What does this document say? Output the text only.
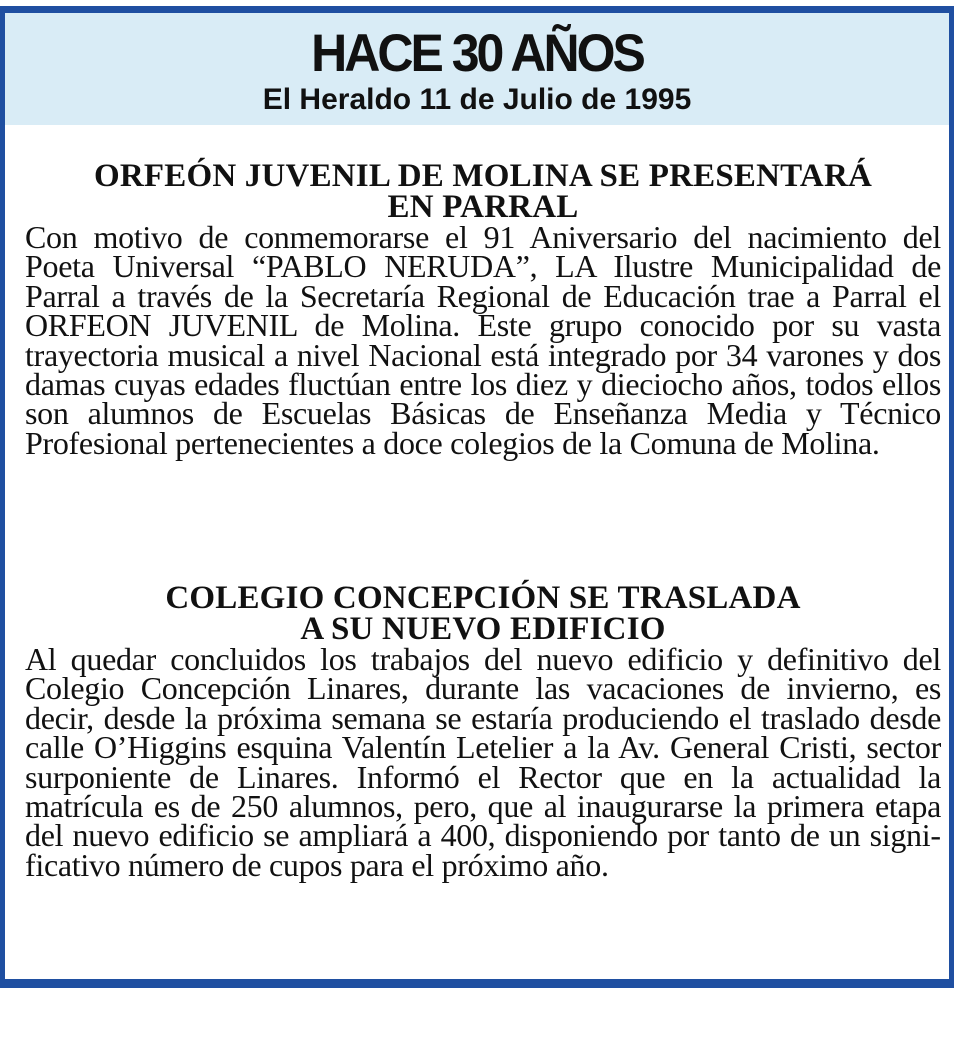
HACE 30 AÑOS
El Heraldo 11 de Julio de 1995
ORFEÓN JUVENIL DE MOLINA SE PRESENTARÁ
EN PARRAL

Con motivo de conmemorarse el 91 Aniversario del nacimiento del Poeta Universal “PABLO NERUDA”, LA Ilustre Municipalidad de Parral a través de la Secretaría Regional de Educación trae a Parral el ORFEON JUVENIL de Molina. Este grupo conocido por su vasta trayectoria musical a nivel Nacional está integrado por 34 varones y dos damas cuyas edades fluctúan entre los diez y dieciocho años, todos ellos son alumnos de Escuelas Básicas de Enseñanza Media y Técnico Profesional pertenecientes a doce colegios de la Comuna de Molina.

COLEGIO CONCEPCIÓN SE TRASLADA
A SU NUEVO EDIFICIO

Al quedar concluidos los trabajos del nuevo edificio y definitivo del Colegio Concepción Linares, durante las vacaciones de invierno, es decir, desde la próxima semana se estaría produciendo el traslado desde calle O’Higgins esquina Valentín Letelier a la Av. General Cristi, sector surponiente de Linares. Informó el Rector que en la actualidad la matrícula es de 250 alumnos, pero, que al inaugurarse la primera etapa del nuevo edificio se ampliará a 400, disponiendo por tanto de un significativo número de cupos para el próximo año.
